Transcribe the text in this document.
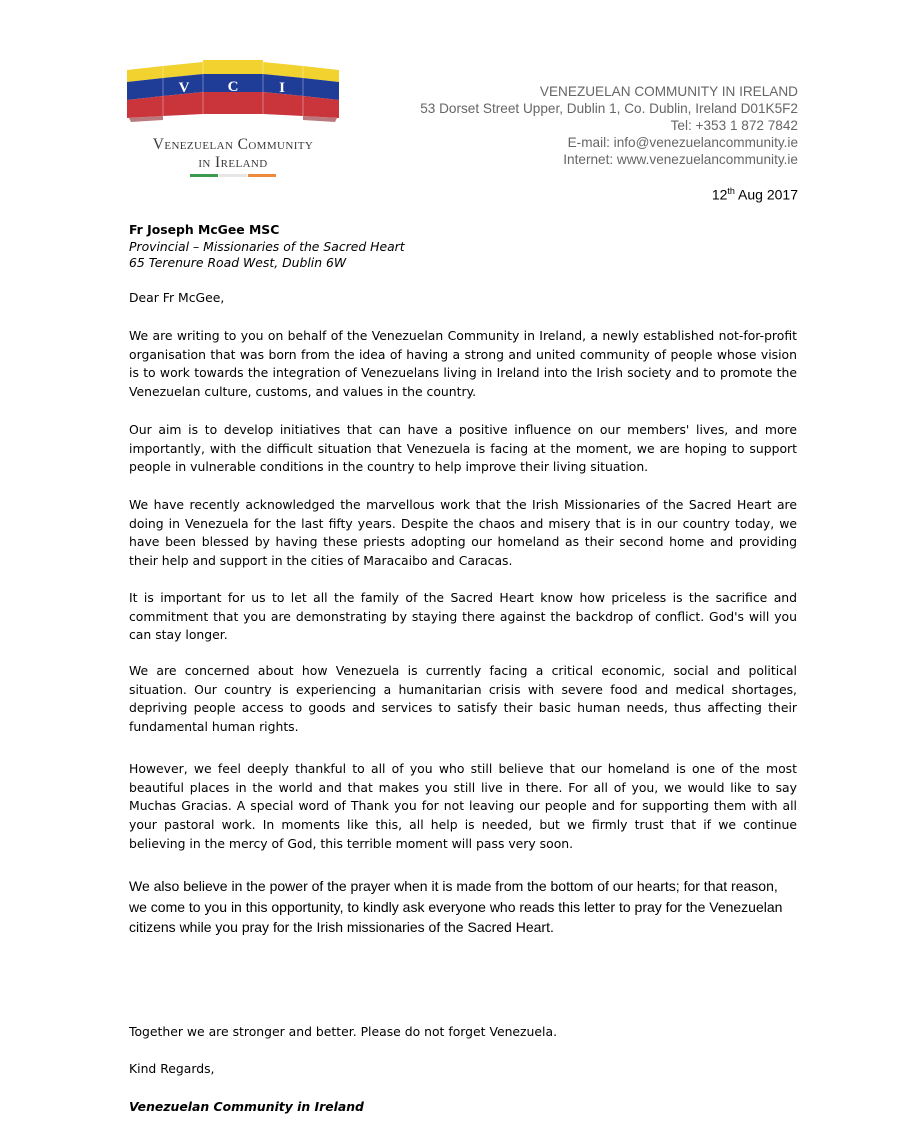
V	C	I
Venezuelan Community
in Ireland
VENEZUELAN COMMUNITY IN IRELAND
53 Dorset Street Upper, Dublin 1, Co. Dublin, Ireland D01K5F2
Tel: +353 1 872 7842
E-mail: info@venezuelancommunity.ie
Internet: www.venezuelancommunity.ie
12th Aug 2017
Fr Joseph McGee MSC
Provincial – Missionaries of the Sacred Heart
65 Terenure Road West, Dublin 6W
Dear Fr McGee,

We are writing to you on behalf of the Venezuelan Community in Ireland, a newly established not-for-profit organisation that was born from the idea of having a strong and united community of people whose vision is to work towards the integration of Venezuelans living in Ireland into the Irish society and to promote the Venezuelan culture, customs, and values in the country.

Our aim is to develop initiatives that can have a positive influence on our members' lives, and more importantly, with the difficult situation that Venezuela is facing at the moment, we are hoping to support people in vulnerable conditions in the country to help improve their living situation.

We have recently acknowledged the marvellous work that the Irish Missionaries of the Sacred Heart are doing in Venezuela for the last fifty years. Despite the chaos and misery that is in our country today, we have been blessed by having these priests adopting our homeland as their second home and providing their help and support in the cities of Maracaibo and Caracas.

It is important for us to let all the family of the Sacred Heart know how priceless is the sacrifice and commitment that you are demonstrating by staying there against the backdrop of conflict. God's will you can stay longer.

We are concerned about how Venezuela is currently facing a critical economic, social and political situation. Our country is experiencing a humanitarian crisis with severe food and medical shortages, depriving people access to goods and services to satisfy their basic human needs, thus affecting their fundamental human rights.

However, we feel deeply thankful to all of you who still believe that our homeland is one of the most beautiful places in the world and that makes you still live in there. For all of you, we would like to say Muchas Gracias. A special word of Thank you for not leaving our people and for supporting them with all your pastoral work. In moments like this, all help is needed, but we firmly trust that if we continue believing in the mercy of God, this terrible moment will pass very soon.

We also believe in the power of the prayer when it is made from the bottom of our hearts; for that reason, we come to you in this opportunity, to kindly ask everyone who reads this letter to pray for the Venezuelan citizens while you pray for the Irish missionaries of the Sacred Heart.

Together we are stronger and better. Please do not forget Venezuela.
Kind Regards,
Venezuelan Community in Ireland
